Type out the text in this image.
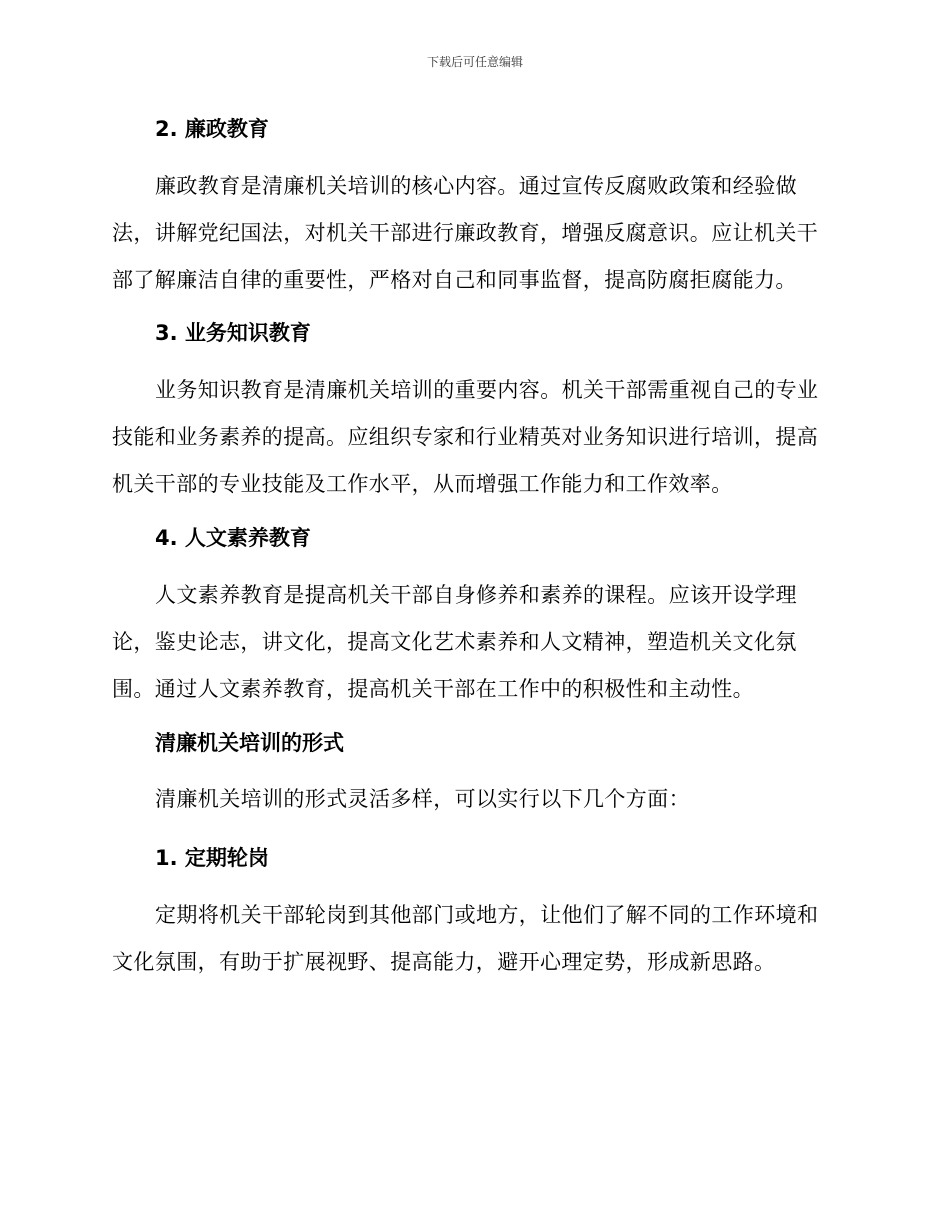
下载后可任意编辑

2. 廉政教育

廉政教育是清廉机关培训的核心内容。通过宣传反腐败政策和经验做法，讲解党纪国法，对机关干部进行廉政教育，增强反腐意识。应让机关干部了解廉洁自律的重要性，严格对自己和同事监督，提高防腐拒腐能力。

3. 业务知识教育

业务知识教育是清廉机关培训的重要内容。机关干部需重视自己的专业技能和业务素养的提高。应组织专家和行业精英对业务知识进行培训，提高机关干部的专业技能及工作水平，从而增强工作能力和工作效率。

4. 人文素养教育

人文素养教育是提高机关干部自身修养和素养的课程。应该开设学理论，鉴史论志，讲文化，提高文化艺术素养和人文精神，塑造机关文化氛围。通过人文素养教育，提高机关干部在工作中的积极性和主动性。

清廉机关培训的形式

清廉机关培训的形式灵活多样，可以实行以下几个方面：

1. 定期轮岗

定期将机关干部轮岗到其他部门或地方，让他们了解不同的工作环境和文化氛围，有助于扩展视野、提高能力，避开心理定势，形成新思路。
